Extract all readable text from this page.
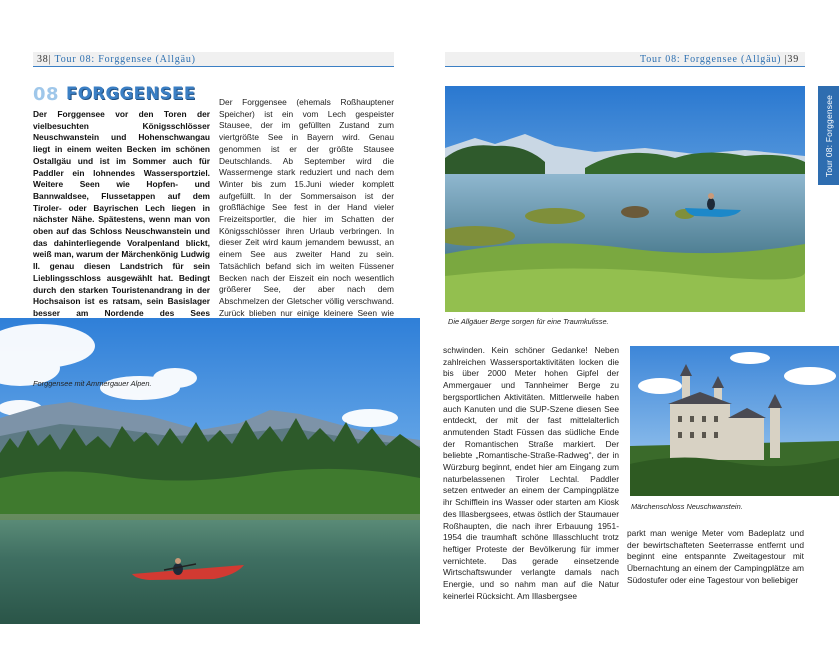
38| Tour 08: Forggensee (Allgäu)
08 FORGGENSEE

Der Forggensee vor den Toren der vielbesuchten Königsschlösser Neuschwanstein und Hohenschwangau liegt in einem weiten Becken im schönen Ostallgäu und ist im Sommer auch für Paddler ein lohnendes Wassersportziel. Weitere Seen wie Hopfen- und Bannwaldsee, Flussetappen auf dem Tiroler- oder Bayrischen Lech liegen in nächster Nähe. Spätestens, wenn man von oben auf das Schloss Neuschwanstein und das dahinterliegende Voralpenland blickt, weiß man, warum der Märchenkönig Ludwig II. genau diesen Landstrich für sein Lieblingsschloss ausgewählt hat. Bedingt durch den starken Touristenandrang in der Hochsaison ist es ratsam, sein Basislager besser am Nordende des Sees

Der Forggensee (ehemals Roßhauptener Speicher) ist ein vom Lech gespeister Stausee, der im gefüllten Zustand zum viertgrößte See in Bayern wird. Genau genommen ist er der größte Stausee Deutschlands. Ab September wird die Wassermenge stark reduziert und nach dem Winter bis zum 15.Juni wieder komplett aufgefüllt. In der Sommersaison ist der großflächige See fest in der Hand vieler Freizeitsportler, die hier im Schatten der Königsschlösser ihren Urlaub verbringen. In dieser Zeit wird kaum jemandem bewusst, an einem See aus zweiter Hand zu sein. Tatsächlich befand sich im weiten Füssener Becken nach der Eiszeit ein noch wesentlich größerer See, der aber nach dem Abschmelzen der Gletscher völlig verschwand. Zurück blieben nur einige kleinere Seen wie

Forggensee mit Ammergauer Alpen.

Tour 08: Forggensee (Allgäu) |39

Die Allgäuer Berge sorgen für eine Traumkulisse.

Tour 08: Forggensee

schwinden. Kein schöner Gedanke! Neben zahlreichen Wassersportaktivitäten locken die bis über 2000 Meter hohen Gipfel der Ammergauer und Tannheimer Berge zu bergsportlichen Aktivitäten. Mittlerweile haben auch Kanuten und die SUP-Szene diesen See entdeckt, der mit der fast mittelalterlich anmutenden Stadt Füssen das südliche Ende der Romantischen Straße markiert. Der beliebte „Romantische-Straße-Radweg“, der in Würzburg beginnt, endet hier am Eingang zum naturbelassenen Tiroler Lechtal. Paddler setzen entweder an einem der Campingplätze ihr Schifflein ins Wasser oder starten am Kiosk des Illasbergsees, etwas östlich der Staumauer Roßhaupten, die nach ihrer Erbauung 1951-1954 die traumhaft schöne Illasschlucht trotz heftiger Proteste der Bevölkerung für immer vernichtete. Das gerade einsetzende Wirtschaftswunder verlangte damals nach Energie, und so nahm man auf die Natur keinerlei Rücksicht. Am Illasbergsee

Märchenschloss Neuschwanstein.

parkt man wenige Meter vom Badeplatz und der bewirtschafteten Seeterrasse entfernt und beginnt eine entspannte Zweitagestour mit Übernachtung an einem der Campingplätze am Südostufer oder eine Tagestour von beliebiger
